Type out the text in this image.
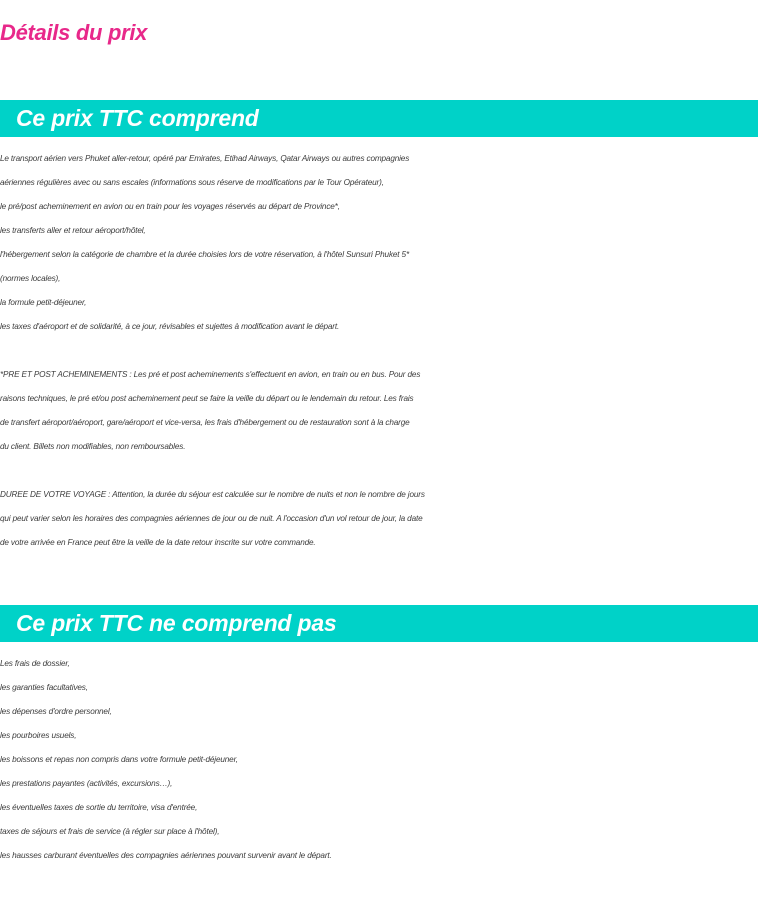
Détails du prix
Ce prix TTC comprend
Le transport aérien vers Phuket aller-retour, opéré par Emirates, Etihad Airways, Qatar Airways ou autres compagnies
aériennes régulières avec ou sans escales (informations sous réserve de modifications par le Tour Opérateur),
le pré/post acheminement en avion ou en train pour les voyages réservés au départ de Province*,
les transferts aller et retour aéroport/hôtel,
l'hébergement selon la catégorie de chambre et la durée choisies lors de votre réservation, à l'hôtel Sunsuri Phuket 5*
(normes locales),
la formule petit-déjeuner,
les taxes d'aéroport et de solidarité, à ce jour, révisables et sujettes à modification avant le départ.
*PRE ET POST ACHEMINEMENTS : Les pré et post acheminements s'effectuent en avion, en train ou en bus. Pour des
raisons techniques, le pré et/ou post acheminement peut se faire la veille du départ ou le lendemain du retour. Les frais
de transfert aéroport/aéroport, gare/aéroport et vice-versa, les frais d'hébergement ou de restauration sont à la charge
du client. Billets non modifiables, non remboursables.
DUREE DE VOTRE VOYAGE : Attention, la durée du séjour est calculée sur le nombre de nuits et non le nombre de jours
qui peut varier selon les horaires des compagnies aériennes de jour ou de nuit. A l'occasion d'un vol retour de jour, la date
de votre arrivée en France peut être la veille de la date retour inscrite sur votre commande.
Ce prix TTC ne comprend pas
Les frais de dossier,
les garanties facultatives,
les dépenses d'ordre personnel,
les pourboires usuels,
les boissons et repas non compris dans votre formule petit-déjeuner,
les prestations payantes (activités, excursions…),
les éventuelles taxes de sortie du territoire, visa d'entrée,
taxes de séjours et frais de service (à régler sur place à l'hôtel),
les hausses carburant éventuelles des compagnies aériennes pouvant survenir avant le départ.
